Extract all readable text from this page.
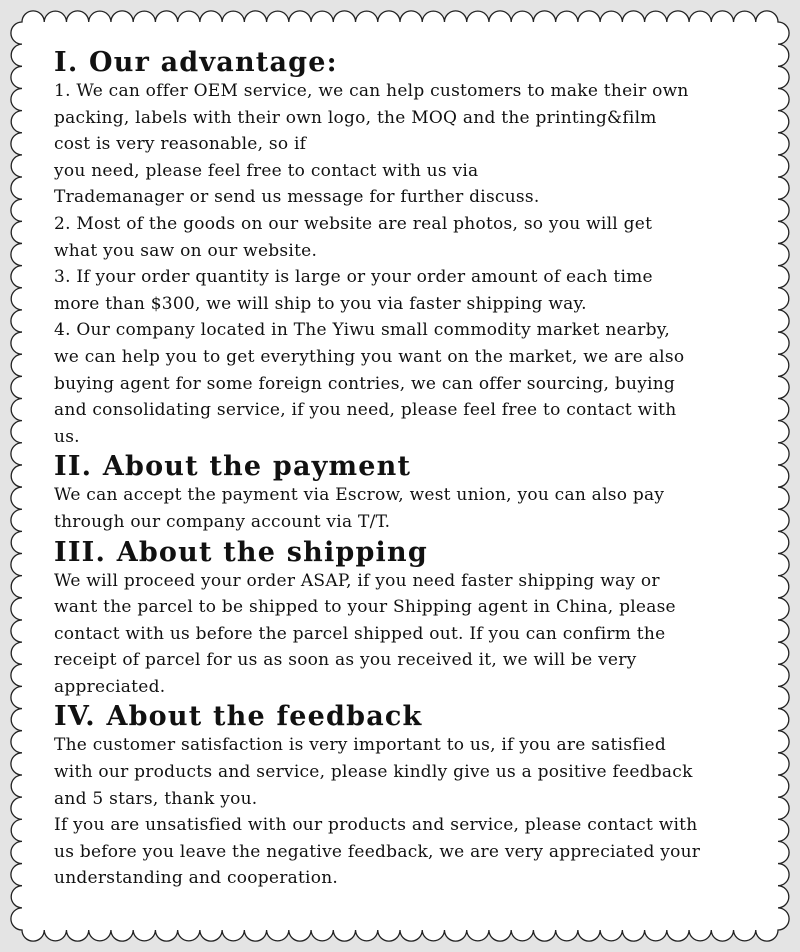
I. Our advantage:
1. We can offer OEM service, we can help customers to make their own
packing, labels with their own logo, the MOQ and the printing&film
cost is very reasonable, so if
you need, please feel free to contact with us via
Trademanager or send us message for further discuss.
2. Most of the goods on our website are real photos, so you will get
what you saw on our website.
3. If your order quantity is large or your order amount of each time
more than $300, we will ship to you via faster shipping way.
4. Our company located in The Yiwu small commodity market nearby,
we can help you to get everything you want on the market, we are also
buying agent for some foreign contries, we can offer sourcing, buying
and consolidating service, if you need, please feel free to contact with
us.
II. About the payment
We can accept the payment via Escrow, west union, you can also pay
through our company account via T/T.
III. About the shipping
We will proceed your order ASAP, if you need faster shipping way or
want the parcel to be shipped to your Shipping agent in China, please
contact with us before the parcel shipped out. If you can confirm the
receipt of parcel for us as soon as you received it, we will be very
appreciated.
IV. About the feedback
The customer satisfaction is very important to us, if you are satisfied
with our products and service, please kindly give us a positive feedback
and 5 stars, thank you.
If you are unsatisfied with our products and service, please contact with
us before you leave the negative feedback, we are very appreciated your
understanding and cooperation.
